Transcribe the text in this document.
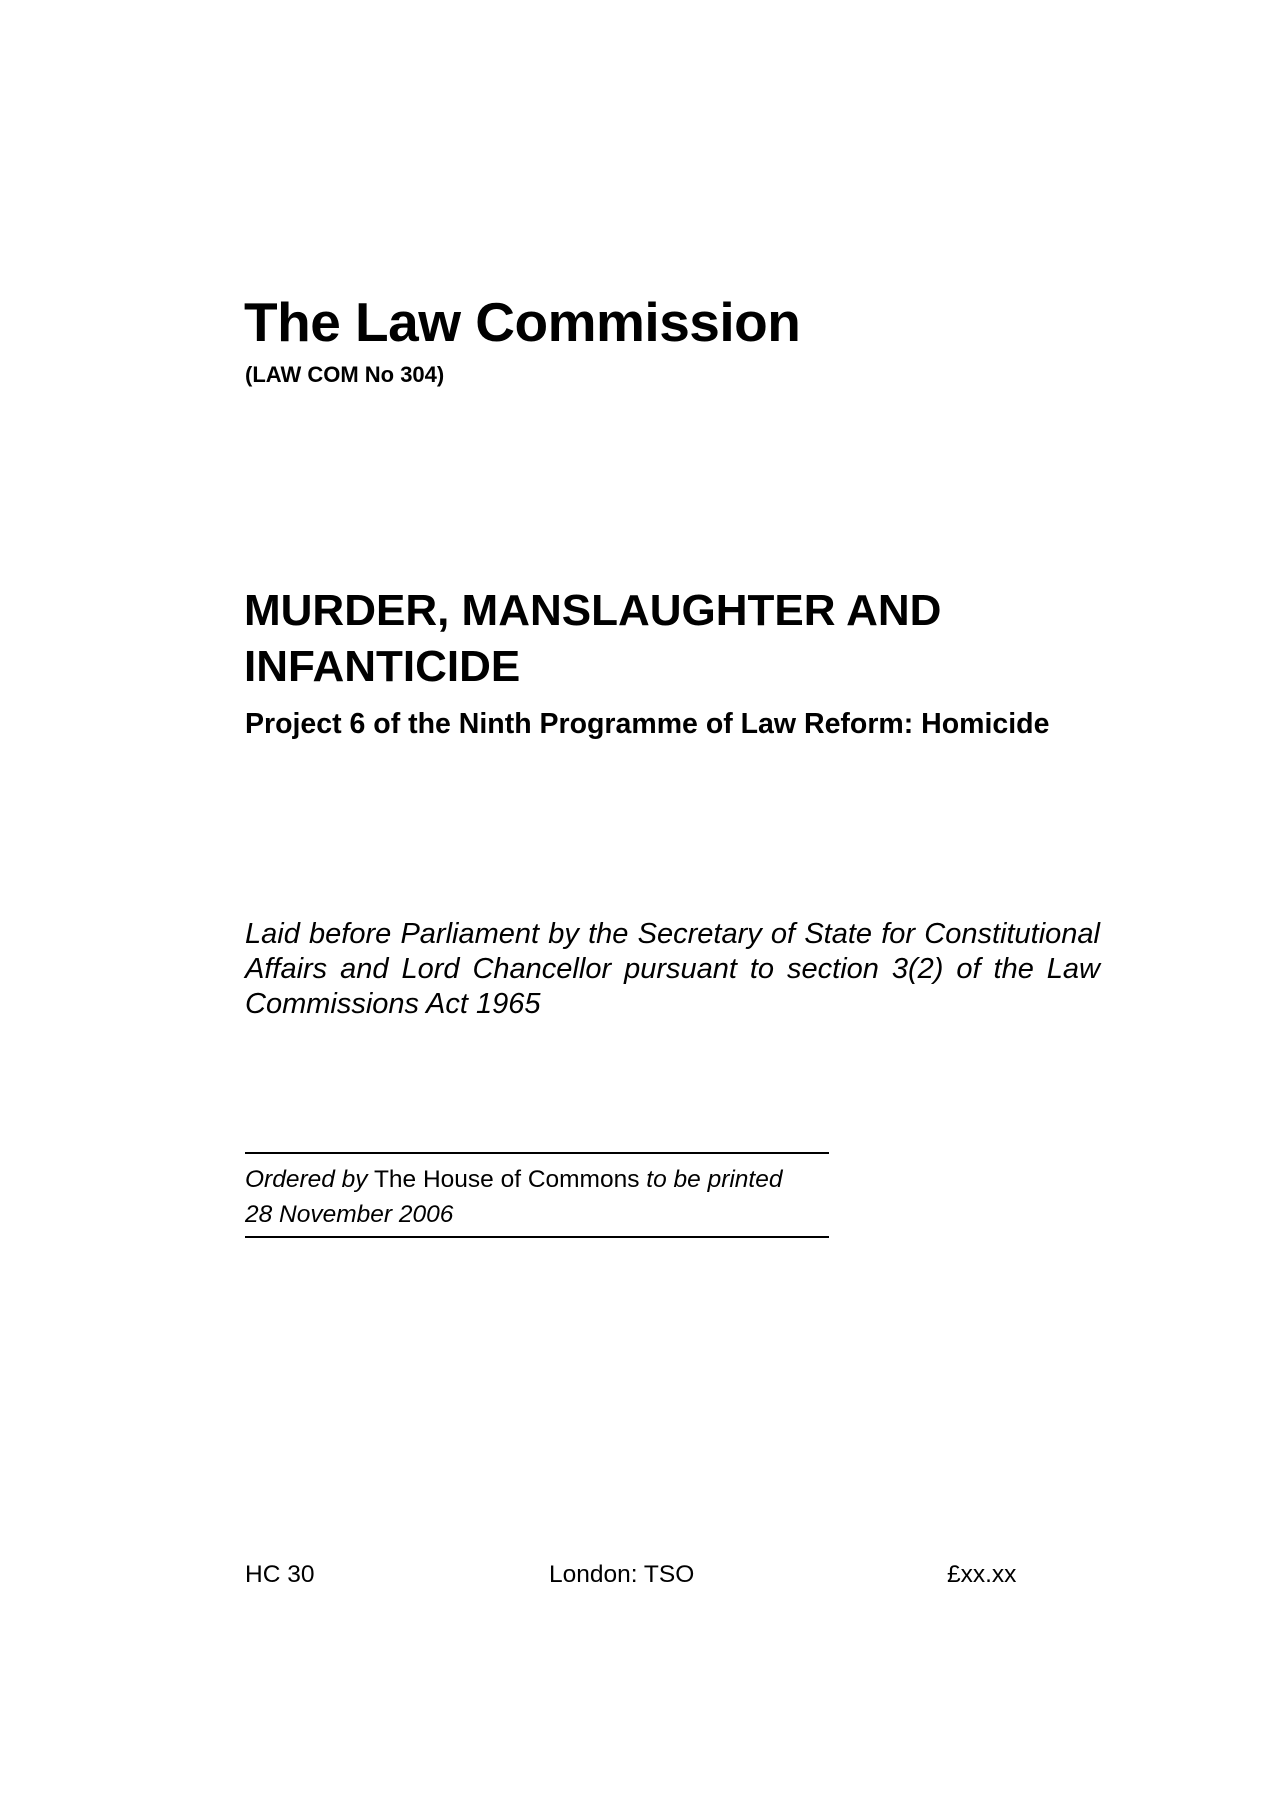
The Law Commission
(LAW COM No 304)
MURDER, MANSLAUGHTER AND
INFANTICIDE
Project 6 of the Ninth Programme of Law Reform: Homicide
Laid before Parliament by the Secretary of State for Constitutional Affairs and Lord Chancellor pursuant to section 3(2) of the Law Commissions Act 1965
Ordered by The House of Commons to be printed
28 November 2006
HC 30	London: TSO	£xx.xx
